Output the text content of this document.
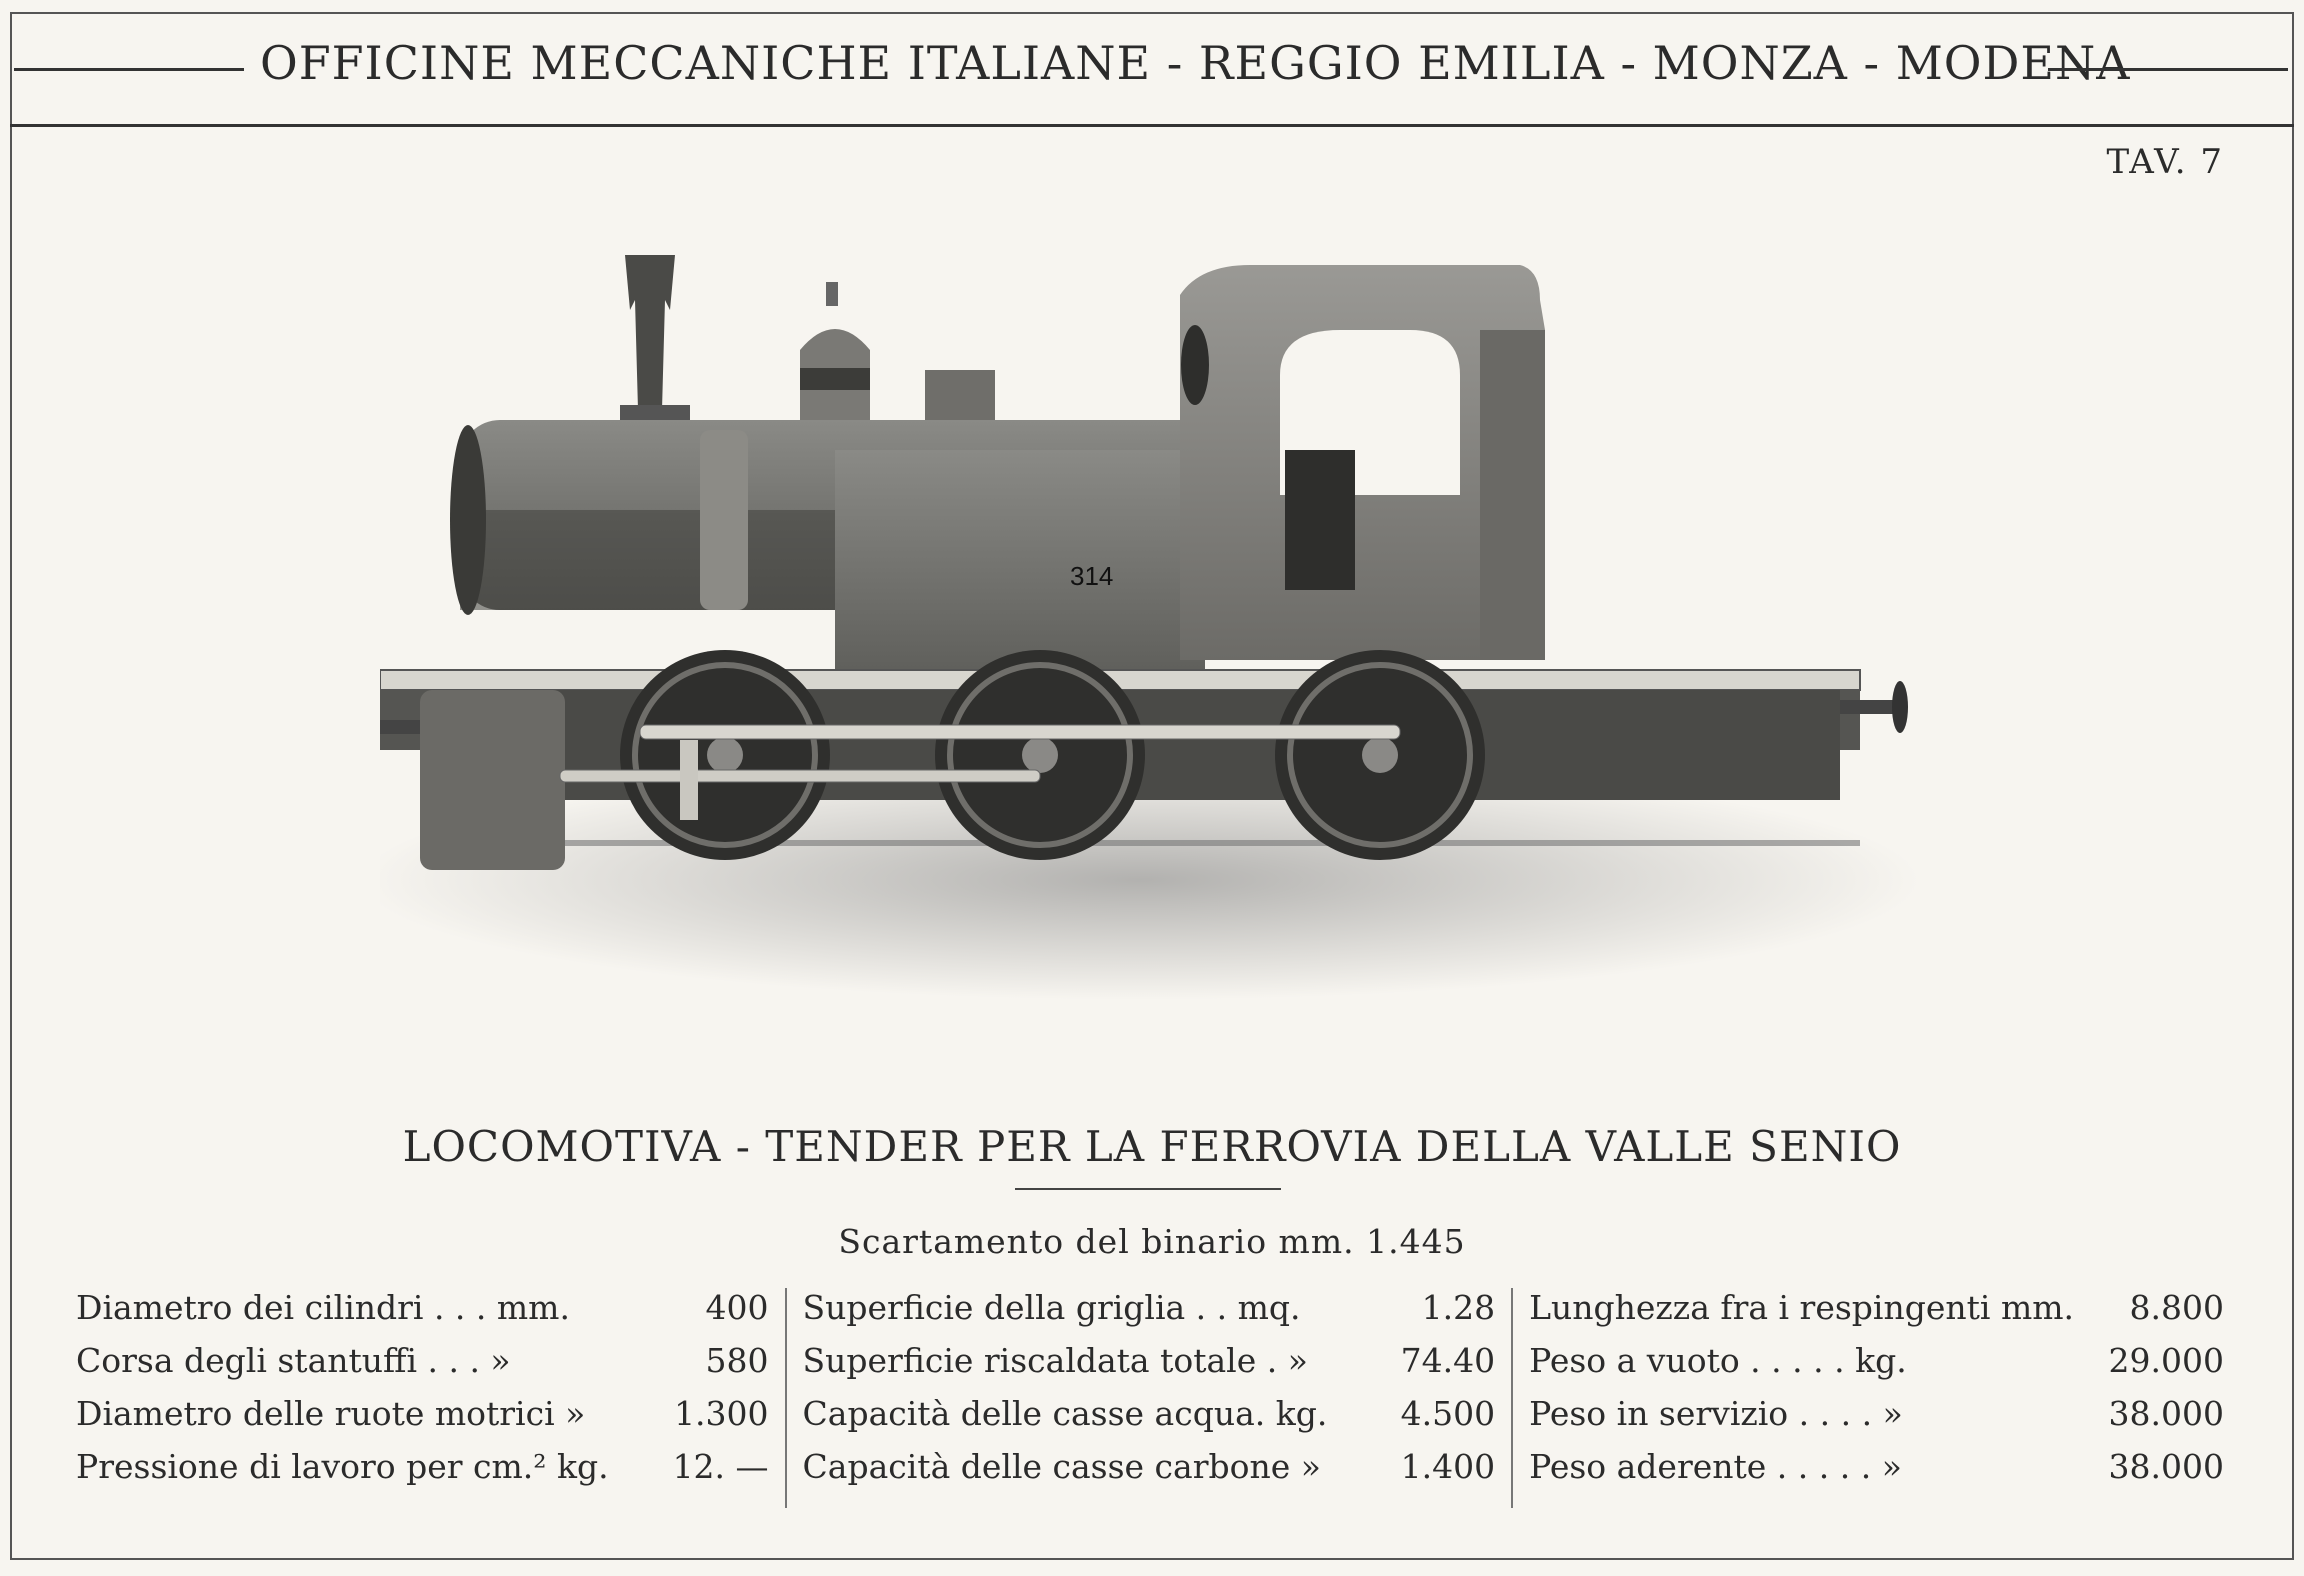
OFFICINE MECCANICHE ITALIANE - REGGIO EMILIA - MONZA - MODENA
TAV. 7
314
LOCOMOTIVA - TENDER PER LA FERROVIA DELLA VALLE SENIO
Scartamento del binario mm. 1.445
Diametro dei cilindri . . . mm.	400
Corsa degli stantuffi . . . »	580
Diametro delle ruote motrici »	1.300
Pressione di lavoro per cm.² kg.	12. —
Superficie della griglia . . mq.	1.28
Superficie riscaldata totale . »	74.40
Capacità delle casse acqua. kg.	4.500
Capacità delle casse carbone »	1.400
Lunghezza fra i respingenti mm.	8.800
Peso a vuoto . . . . . kg.	29.000
Peso in servizio . . . . »	38.000
Peso aderente . . . . . »	38.000
